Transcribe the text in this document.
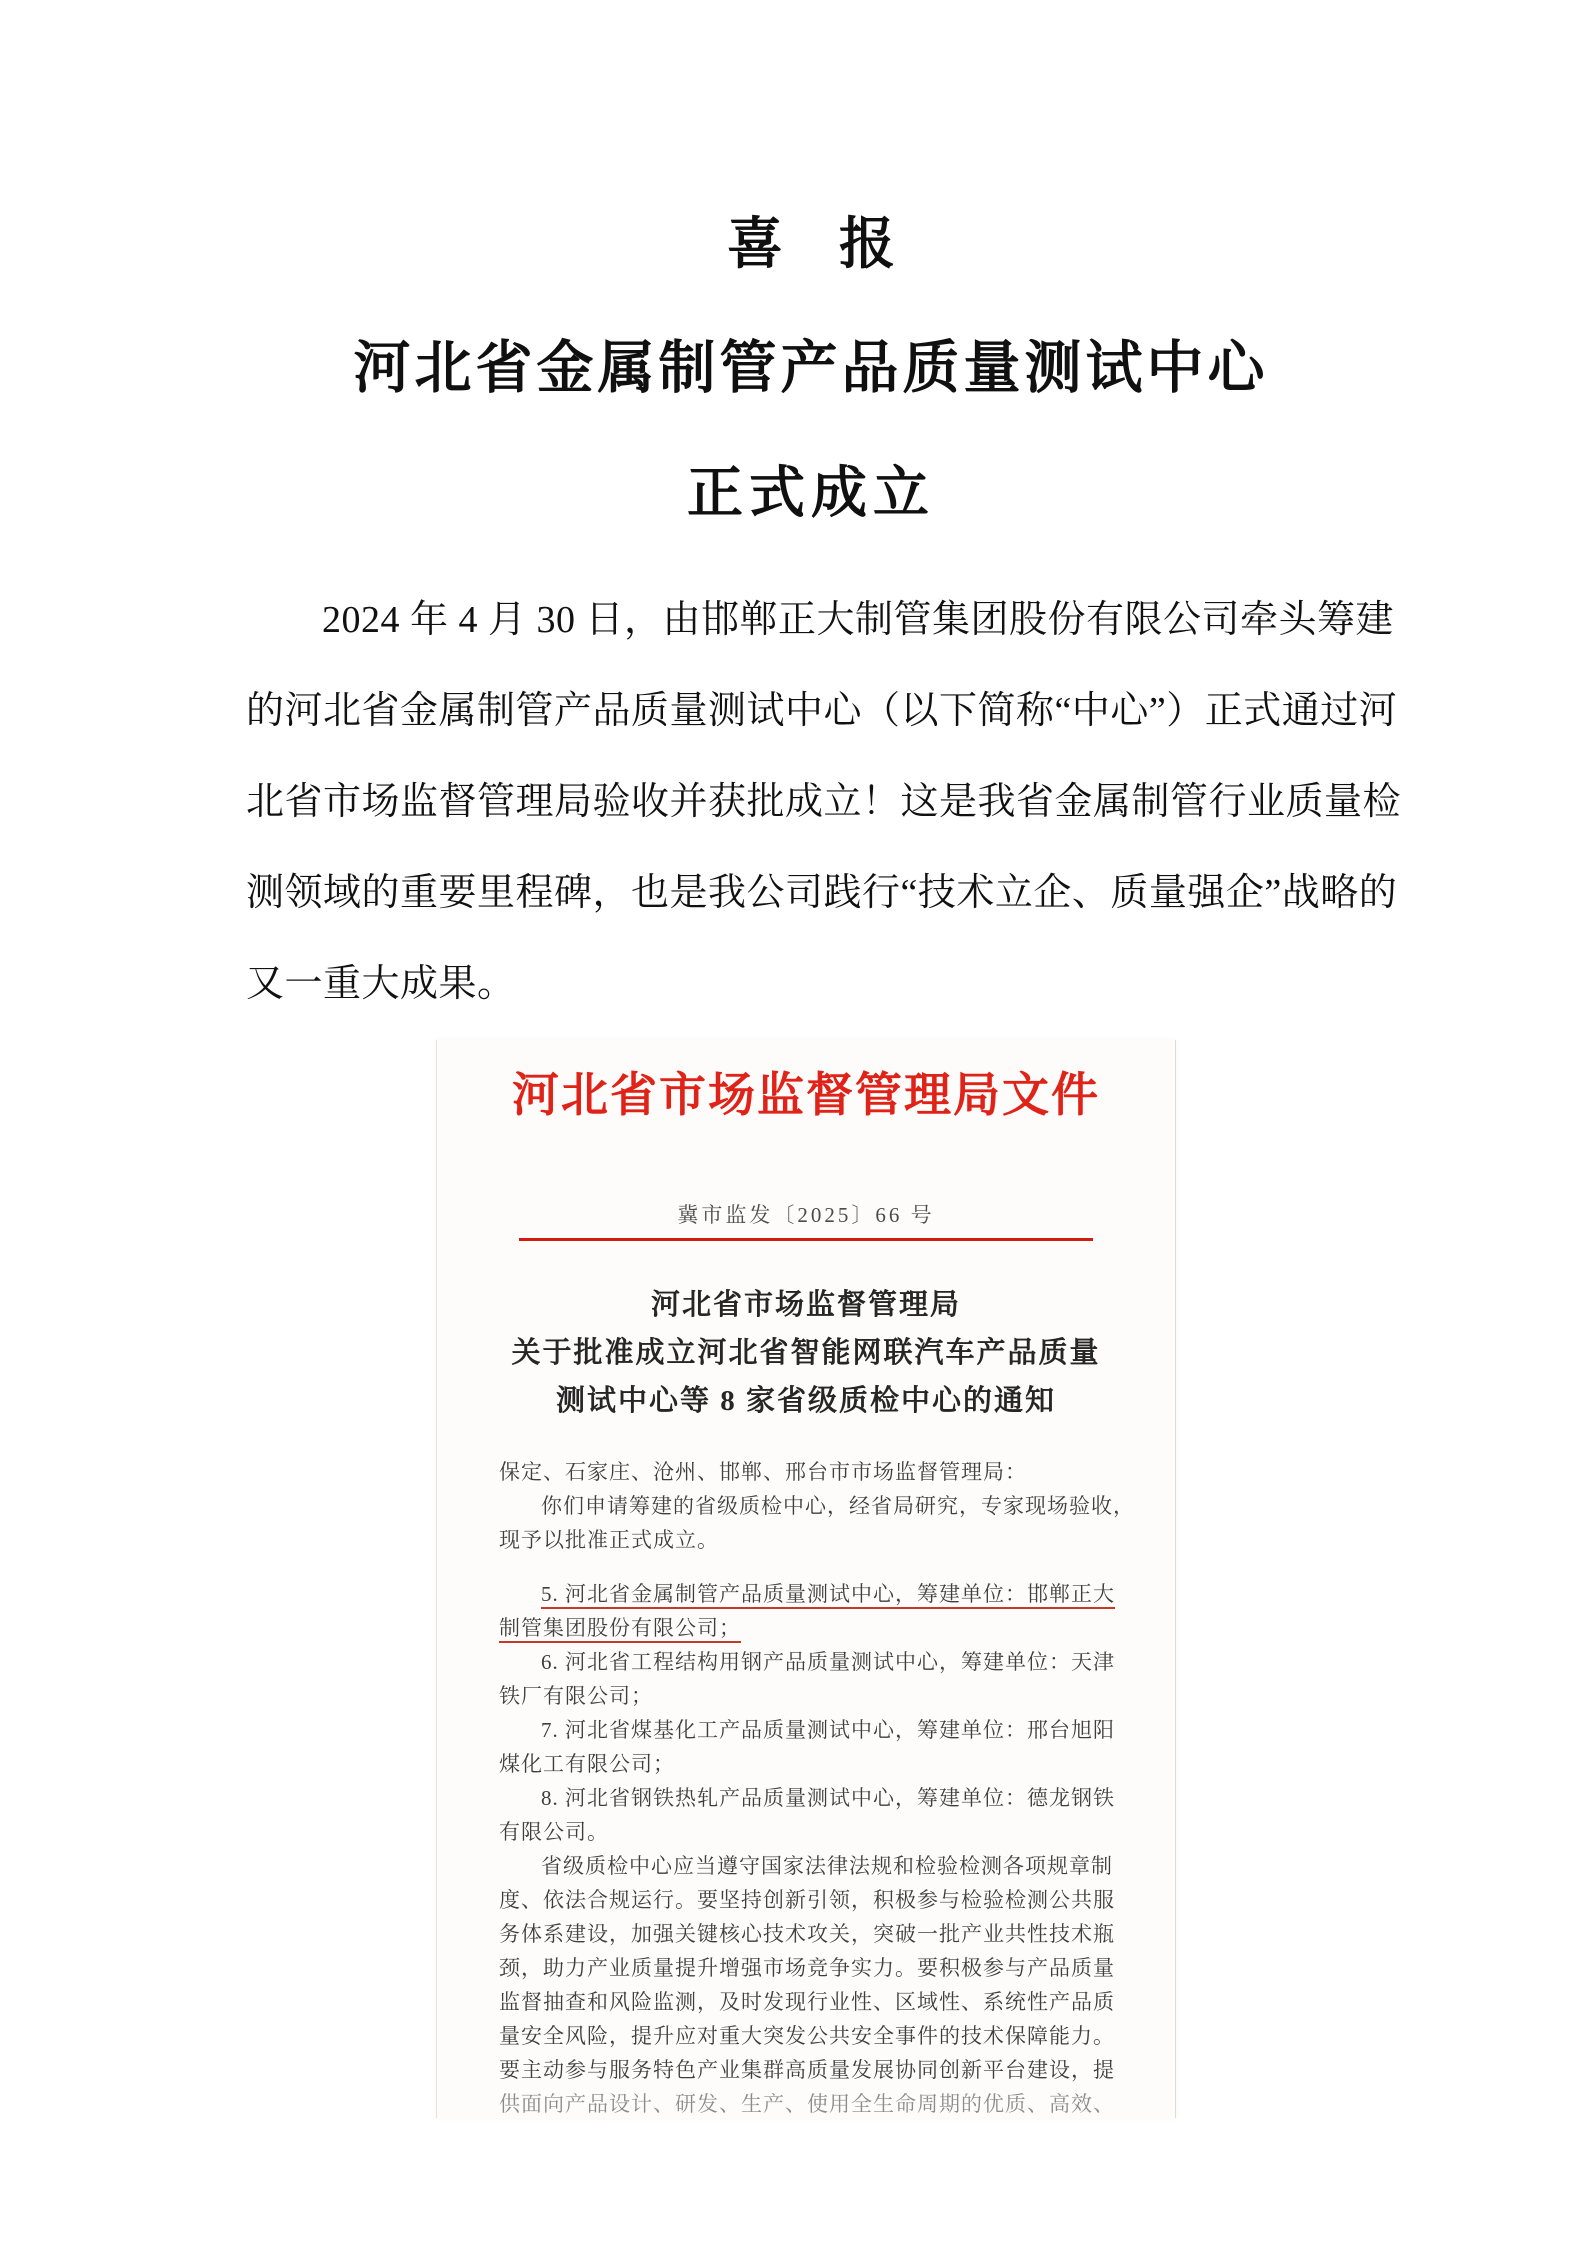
喜　报
河北省金属制管产品质量测试中心
正式成立

2024 年 4 月 30 日，由邯郸正大制管集团股份有限公司牵头筹建

的河北省金属制管产品质量测试中心（以下简称“中心”）正式通过河

北省市场监督管理局验收并获批成立！这是我省金属制管行业质量检

测领域的重要里程碑，也是我公司践行“技术立企、质量强企”战略的

又一重大成果。

河北省市场监督管理局文件
冀市监发〔2025〕66 号
河北省市场监督管理局
关于批准成立河北省智能网联汽车产品质量
测试中心等 8 家省级质检中心的通知

保定、石家庄、沧州、邯郸、邢台市市场监督管理局：

你们申请筹建的省级质检中心，经省局研究，专家现场验收，

现予以批准正式成立。

5. 河北省金属制管产品质量测试中心，筹建单位：邯郸正大

制管集团股份有限公司；

6. 河北省工程结构用钢产品质量测试中心，筹建单位：天津

铁厂有限公司；

7. 河北省煤基化工产品质量测试中心，筹建单位：邢台旭阳

煤化工有限公司；

8. 河北省钢铁热轧产品质量测试中心，筹建单位：德龙钢铁

有限公司。

省级质检中心应当遵守国家法律法规和检验检测各项规章制

度、依法合规运行。要坚持创新引领，积极参与检验检测公共服

务体系建设，加强关键核心技术攻关，突破一批产业共性技术瓶

颈，助力产业质量提升增强市场竞争实力。要积极参与产品质量

监督抽查和风险监测，及时发现行业性、区域性、系统性产品质

量安全风险，提升应对重大突发公共安全事件的技术保障能力。

要主动参与服务特色产业集群高质量发展协同创新平台建设，提

供面向产品设计、研发、生产、使用全生命周期的优质、高效、
